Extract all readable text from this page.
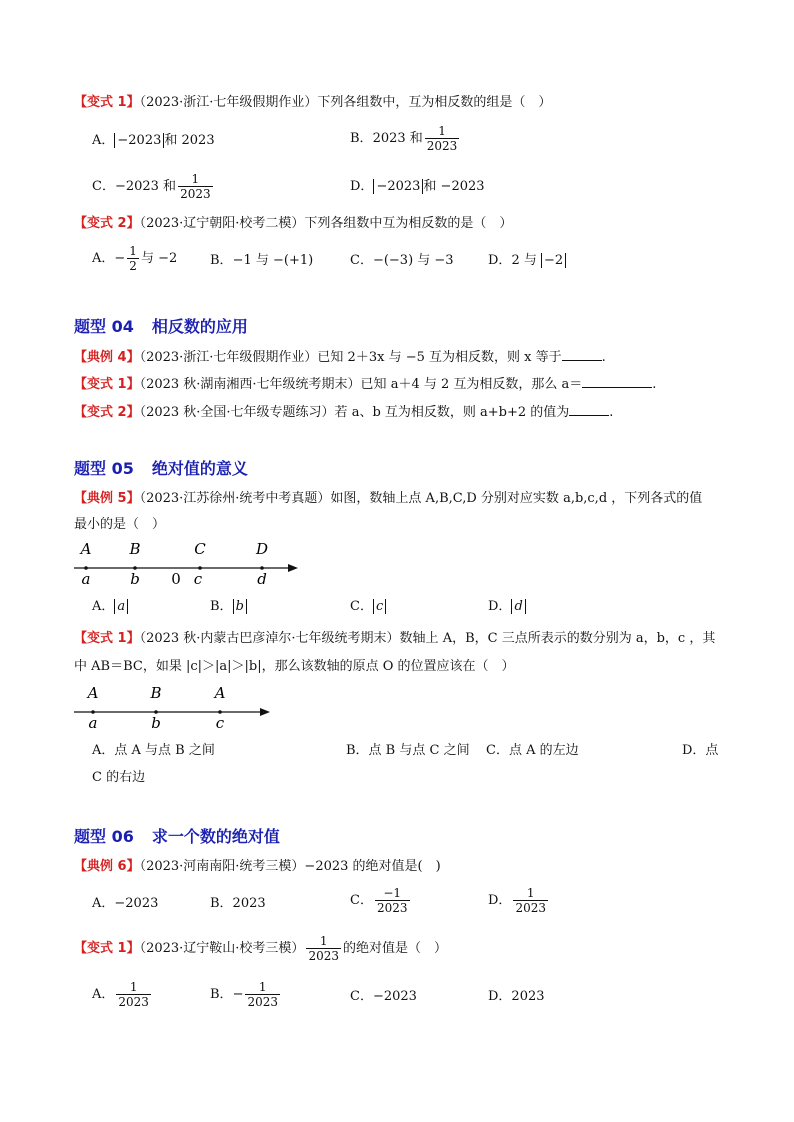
【变式 1】（2023·浙江·七年级假期作业）下列各组数中，互为相反数的组是（　）
A． −2023 和 2023	B．2023 和 $\frac{1}{2023}$
C．−2023 和 $\frac{1}{2023}$	D． −2023 和 −2023
【变式 2】（2023·辽宁朝阳·校考二模）下列各组数中互为相反数的是（　）
A．− $\frac{1}{2}$ 与 −2	B．−1 与 −(+1)	C．−(−3) 与 −3	D．2 与 −2
题型 04 相反数的应用
【典例 4】（2023·浙江·七年级假期作业）已知 2＋3x 与 −5 互为相反数，则 x 等于	.
【变式 1】（2023 秋·湖南湘西·七年级统考期末）已知 a＋4 与 2 互为相反数，那么 a＝	.
【变式 2】（2023 秋·全国·七年级专题练习）若 a、b 互为相反数，则 a+b+2 的值为	.
题型 05 绝对值的意义
【典例 5】（2023·江苏徐州·统考中考真题）如图，数轴上点 A,B,C,D 分别对应实数 a,b,c,d ，下列各式的值
最小的是（　）
A	B	C	D
a	b 0 c	d
A． a	B． b	C． c	D． d
【变式 1】（2023 秋·内蒙古巴彦淖尔·七年级统考期末）数轴上 A，B，C 三点所表示的数分别为 a，b，c ，其
中 AB＝BC，如果 |c|＞|a|＞|b|，那么该数轴的原点 O 的位置应该在（　）
A	B	A
a	b	c
A．点 A 与点 B 之间	B．点 B 与点 C 之间 C．点 A 的左边	D．点
C 的右边
题型 06 求一个数的绝对值
【典例 6】（2023·河南南阳·统考三模）−2023 的绝对值是(　)
A．−2023	B．2023	C． $\frac{-1}{2023}$	D． $\frac{1}{2023}$
【变式 1】（2023·辽宁鞍山·校考三模） $\frac{1}{2023}$ 的绝对值是（　）
A． $\frac{1}{2023}$	B．− $\frac{1}{2023}$	C．−2023	D．2023
